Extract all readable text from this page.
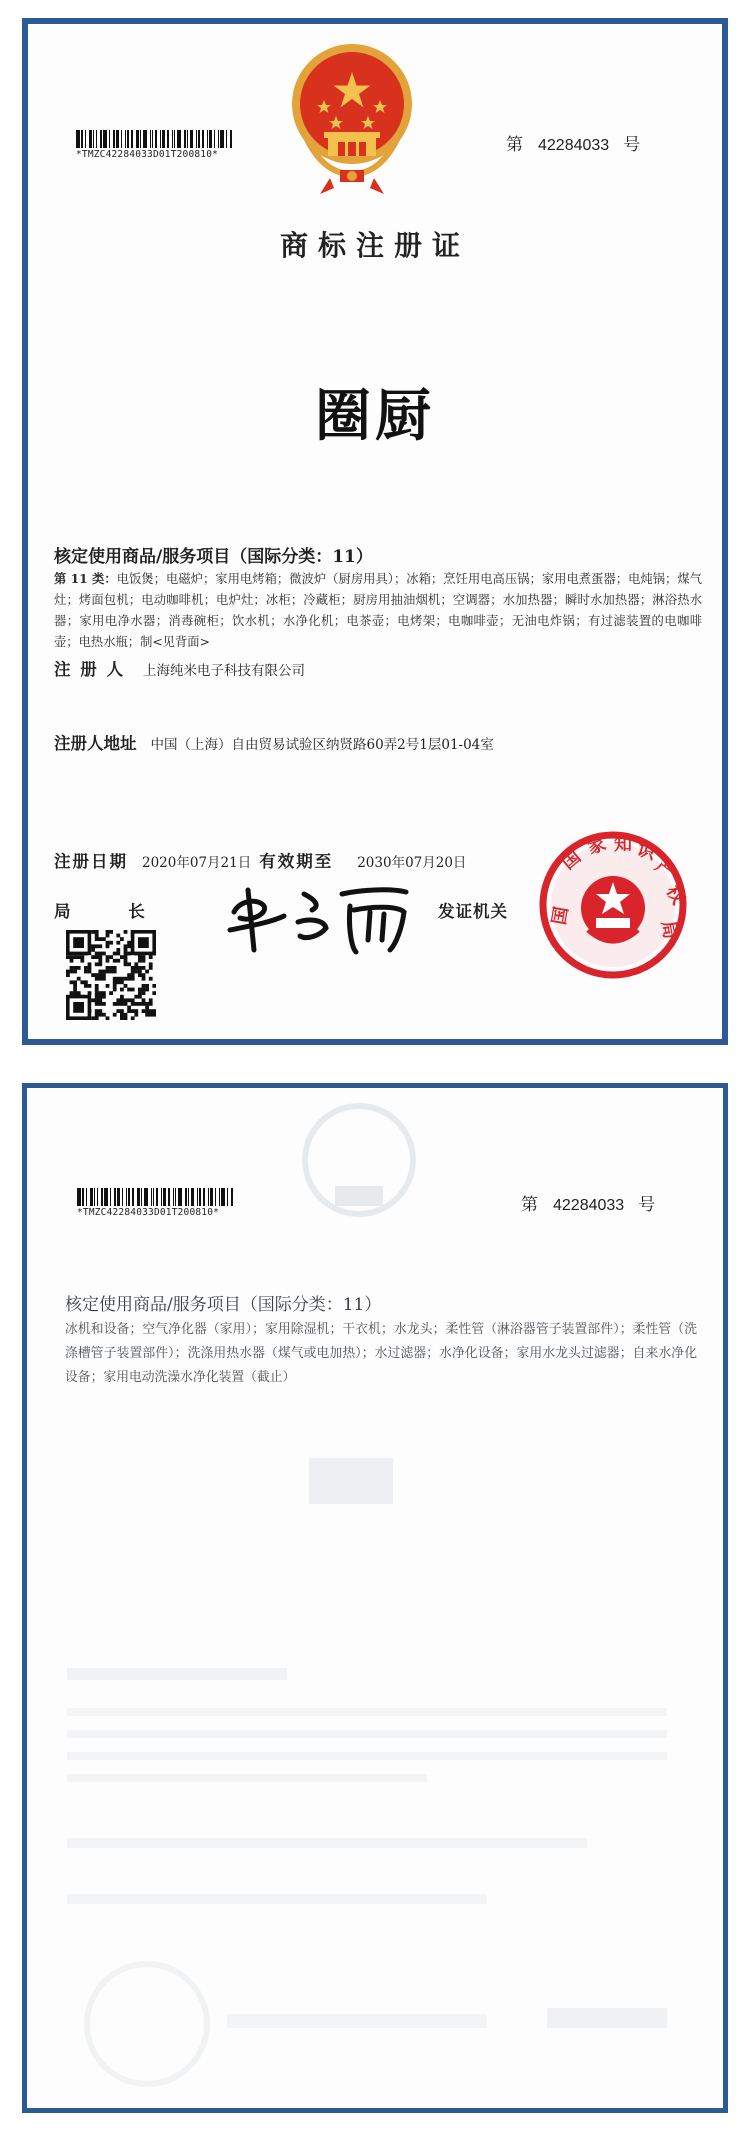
*TMZC42284033D01T200810*	第 42284033 号
商标注册证
圈厨
核定使用商品/服务项目（国际分类：11）
第 11 类：电饭煲；电磁炉；家用电烤箱；微波炉（厨房用具）；冰箱；烹饪用电高压锅；家用电煮蛋器；电炖锅；煤气灶；烤面包机；电动咖啡机；电炉灶；冰柜；冷藏柜；厨房用抽油烟机；空调器；水加热器；瞬时水加热器；淋浴热水器；家用电净水器；消毒碗柜；饮水机；水净化机；电茶壶；电烤架；电咖啡壶；无油电炸锅；有过滤装置的电咖啡壶；电热水瓶；制<见背面>
注 册 人 上海纯米电子科技有限公司
注册人地址 中国（上海）自由贸易试验区纳贤路60弄2号1层01-04室
注册日期 2020年07月21日 有效期至 2030年07月20日
局 长	发证机关
国
家 知 识
产
权
局
国
*TMZC42284033D01T200810*	第 42284033 号
核定使用商品/服务项目（国际分类：11）
冰机和设备；空气净化器（家用）；家用除湿机；干衣机；水龙头；柔性管（淋浴器管子装置部件）；柔性管（洗涤槽管子装置部件）；洗涤用热水器（煤气或电加热）；水过滤器；水净化设备；家用水龙头过滤器；自来水净化设备；家用电动洗澡水净化装置（截止）
